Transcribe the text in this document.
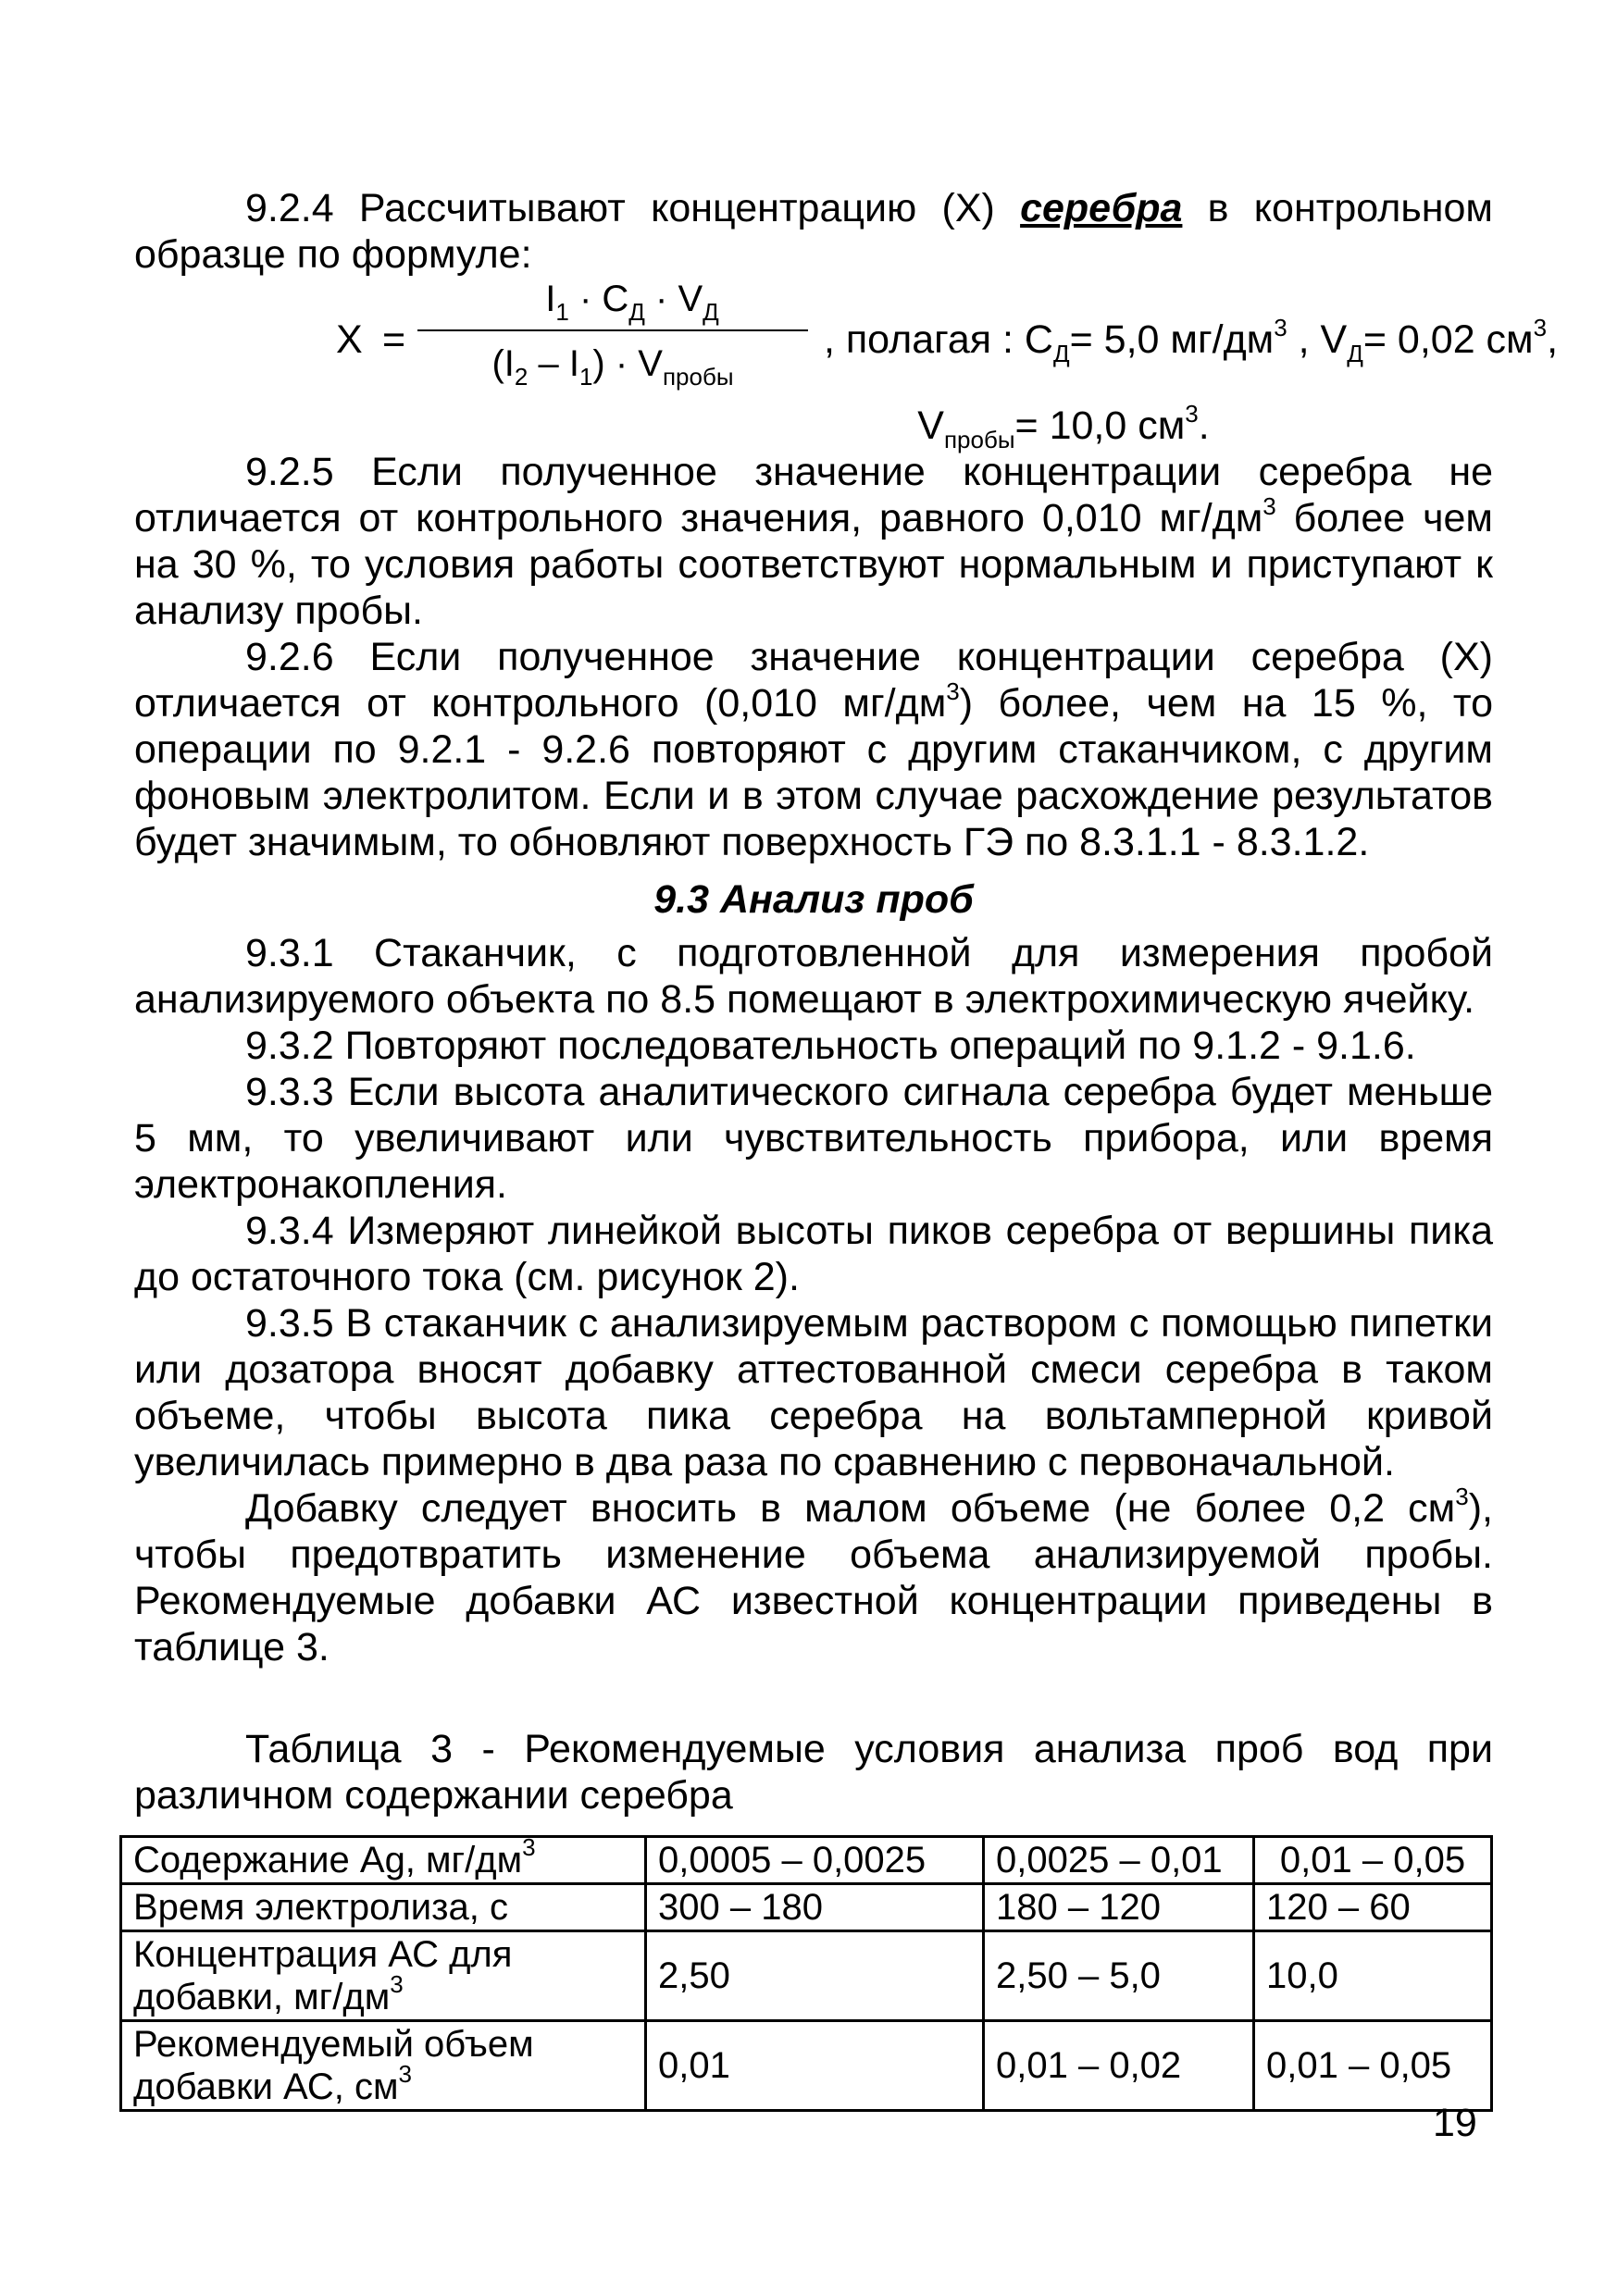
9.2.4 Рассчитывают концентрацию (Х) серебра в контрольном образце по формуле:

Х =
$I_1 \cdot С_Д \cdot V_Д$
$(I_2 - I_1) \cdot V_{пробы}$
, полагая : $С_Д= 5,0$ $мг/дм^3$ , $V_Д= 0,02$ $см^3$,

$V_{пробы}= 10,0$ $см^3$.

9.2.5 Если полученное значение концентрации серебра не отличается от контрольного значения, равного 0,010 $мг/дм^3$ более чем на 30 %, то условия работы соответствуют нормальным и приступают к анализу пробы.

9.2.6 Если полученное значение концентрации серебра (Х) отличается от контрольного (0,010 $мг/дм^3$) более, чем на 15 %, то операции по 9.2.1 - 9.2.6 повторяют с другим стаканчиком, с другим фоновым электролитом. Если и в этом случае расхождение результатов будет значимым, то обновляют поверхность ГЭ по 8.3.1.1 - 8.3.1.2.

9.3 Анализ проб

9.3.1 Стаканчик, с подготовленной для измерения пробой анализируемого объекта по 8.5 помещают в электрохимическую ячейку.

9.3.2 Повторяют последовательность операций по 9.1.2 - 9.1.6.

9.3.3 Если высота аналитического сигнала серебра будет меньше 5 мм, то увеличивают или чувствительность прибора, или время электронакопления.

9.3.4 Измеряют линейкой высоты пиков серебра от вершины пика до остаточного тока (см. рисунок 2).

9.3.5 В стаканчик с анализируемым раствором с помощью пипетки или дозатора вносят добавку аттестованной смеси серебра в таком объеме, чтобы высота пика серебра на вольтамперной кривой увеличилась примерно в два раза по сравнению с первоначальной.

Добавку следует вносить в малом объеме (не более 0,2 $см^3$), чтобы предотвратить изменение объема анализируемой пробы. Рекомендуемые добавки АС известной концентрации приведены в таблице 3.

Таблица 3 - Рекомендуемые условия анализа проб вод при различном содержании серебра

Содержание Ag, $мг/дм^3$	0,0005 – 0,0025	0,0025 – 0,01	0,01 – 0,05
Время электролиза, с	300 – 180	180 – 120	120 – 60
Концентрация АС для добавки, $мг/дм^3$	2,50	2,50 – 5,0	10,0
Рекомендуемый объем добавки АС, $см^3$	0,01	0,01 – 0,02	0,01 – 0,05
19
